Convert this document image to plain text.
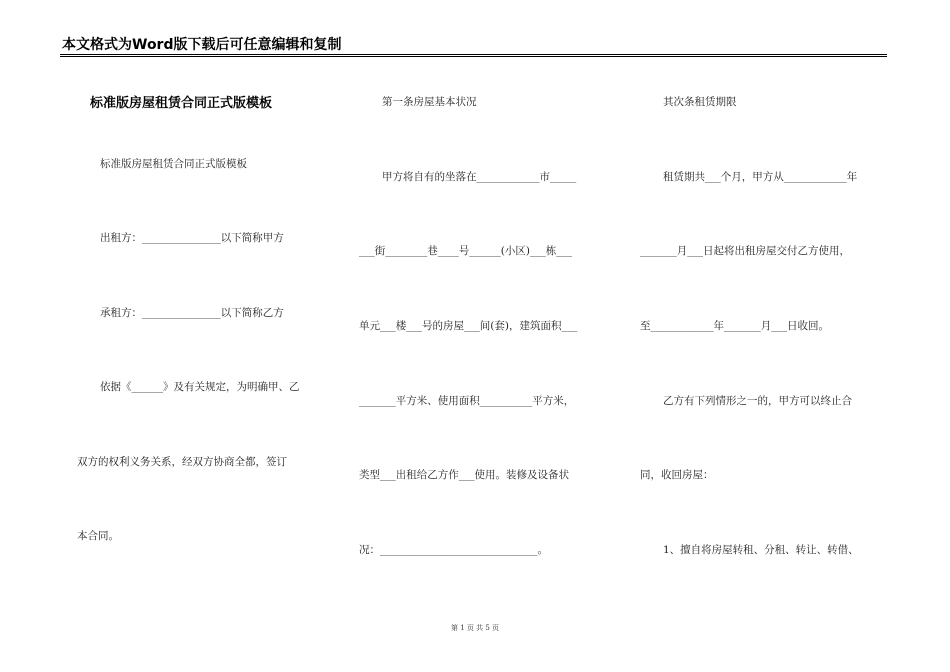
本文格式为Word版下载后可任意编辑和复制
标准版房屋租赁合同正式版模板
标准版房屋租赁合同正式版模板
出租方：_______________以下简称甲方
承租方：_______________以下简称乙方
依据《______》及有关规定，为明确甲、乙
双方的权利义务关系，经双方协商全都，签订
本合同。
第一条房屋基本状况
甲方将自有的坐落在____________市_____
___街________巷____号______(小区)___栋___
单元___楼___号的房屋___间(套)，建筑面积___
_______平方米、使用面积__________平方米，
类型___出租给乙方作___使用。装修及设备状
况：______________________________。
其次条租赁期限
租赁期共___个月，甲方从____________年
_______月___日起将出租房屋交付乙方使用，
至____________年_______月___日收回。
乙方有下列情形之一的，甲方可以终止合
同，收回房屋：
1、擅自将房屋转租、分租、转让、转借、
第 1 页 共 5 页
